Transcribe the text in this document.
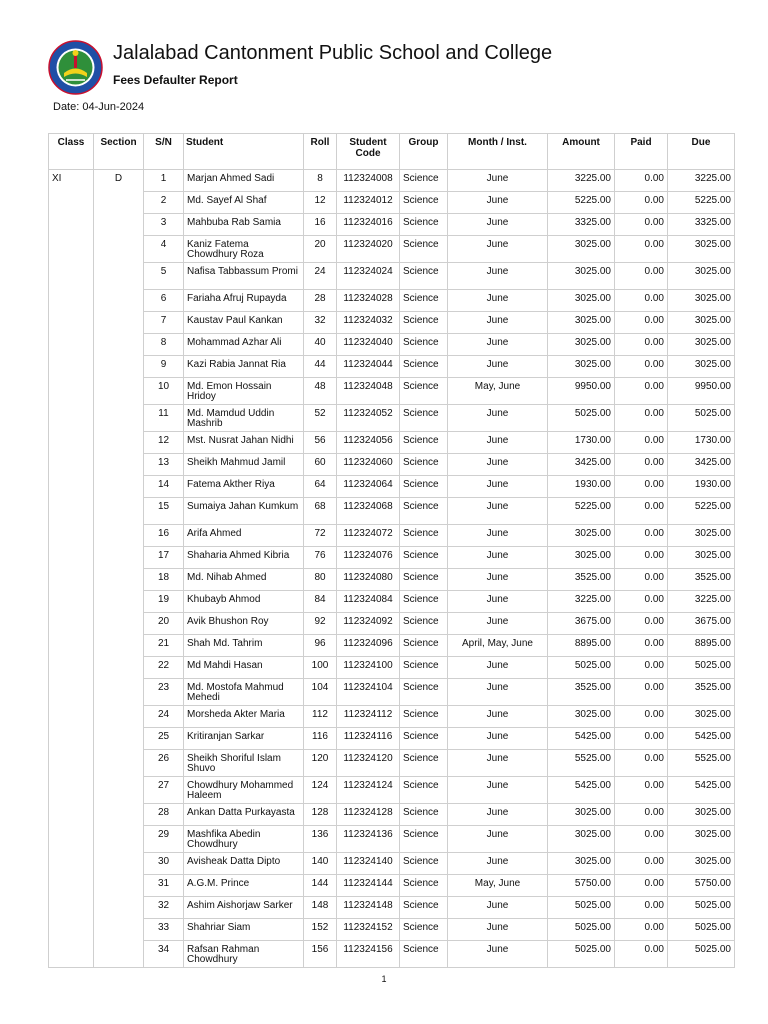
Jalalabad Cantonment Public School and College
Fees Defaulter Report
Date: 04-Jun-2024
Class	Section	S/N	Student	Roll	Student Code	Group	Month / Inst.	Amount	Paid	Due
XI	D	1	Marjan Ahmed Sadi	8	112324008	Science	June	3225.00	0.00	3225.00
		2	Md. Sayef Al Shaf	12	112324012	Science	June	5225.00	0.00	5225.00
		3	Mahbuba Rab Samia	16	112324016	Science	June	3325.00	0.00	3325.00
		4	Kaniz Fatema Chowdhury Roza	20	112324020	Science	June	3025.00	0.00	3025.00
		5	Nafisa Tabbassum Promi	24	112324024	Science	June	3025.00	0.00	3025.00
		6	Fariaha Afruj Rupayda	28	112324028	Science	June	3025.00	0.00	3025.00
		7	Kaustav Paul Kankan	32	112324032	Science	June	3025.00	0.00	3025.00
		8	Mohammad Azhar Ali	40	112324040	Science	June	3025.00	0.00	3025.00
		9	Kazi Rabia Jannat Ria	44	112324044	Science	June	3025.00	0.00	3025.00
		10	Md. Emon Hossain Hridoy	48	112324048	Science	May, June	9950.00	0.00	9950.00
		11	Md. Mamdud Uddin Mashrib	52	112324052	Science	June	5025.00	0.00	5025.00
		12	Mst. Nusrat Jahan Nidhi	56	112324056	Science	June	1730.00	0.00	1730.00
		13	Sheikh Mahmud Jamil	60	112324060	Science	June	3425.00	0.00	3425.00
		14	Fatema Akther Riya	64	112324064	Science	June	1930.00	0.00	1930.00
		15	Sumaiya Jahan Kumkum	68	112324068	Science	June	5225.00	0.00	5225.00
		16	Arifa Ahmed	72	112324072	Science	June	3025.00	0.00	3025.00
		17	Shaharia Ahmed Kibria	76	112324076	Science	June	3025.00	0.00	3025.00
		18	Md. Nihab Ahmed	80	112324080	Science	June	3525.00	0.00	3525.00
		19	Khubayb Ahmod	84	112324084	Science	June	3225.00	0.00	3225.00
		20	Avik Bhushon Roy	92	112324092	Science	June	3675.00	0.00	3675.00
		21	Shah Md. Tahrim	96	112324096	Science	April, May, June	8895.00	0.00	8895.00
		22	Md Mahdi Hasan	100	112324100	Science	June	5025.00	0.00	5025.00
		23	Md. Mostofa Mahmud Mehedi	104	112324104	Science	June	3525.00	0.00	3525.00
		24	Morsheda Akter Maria	112	112324112	Science	June	3025.00	0.00	3025.00
		25	Kritiranjan Sarkar	116	112324116	Science	June	5425.00	0.00	5425.00
		26	Sheikh Shoriful Islam Shuvo	120	112324120	Science	June	5525.00	0.00	5525.00
		27	Chowdhury Mohammed Haleem	124	112324124	Science	June	5425.00	0.00	5425.00
		28	Ankan Datta Purkayasta	128	112324128	Science	June	3025.00	0.00	3025.00
		29	Mashfika Abedin Chowdhury	136	112324136	Science	June	3025.00	0.00	3025.00
		30	Avisheak Datta Dipto	140	112324140	Science	June	3025.00	0.00	3025.00
		31	A.G.M. Prince	144	112324144	Science	May, June	5750.00	0.00	5750.00
		32	Ashim Aishorjaw Sarker	148	112324148	Science	June	5025.00	0.00	5025.00
		33	Shahriar Siam	152	112324152	Science	June	5025.00	0.00	5025.00
		34	Rafsan Rahman Chowdhury	156	112324156	Science	June	5025.00	0.00	5025.00
1
